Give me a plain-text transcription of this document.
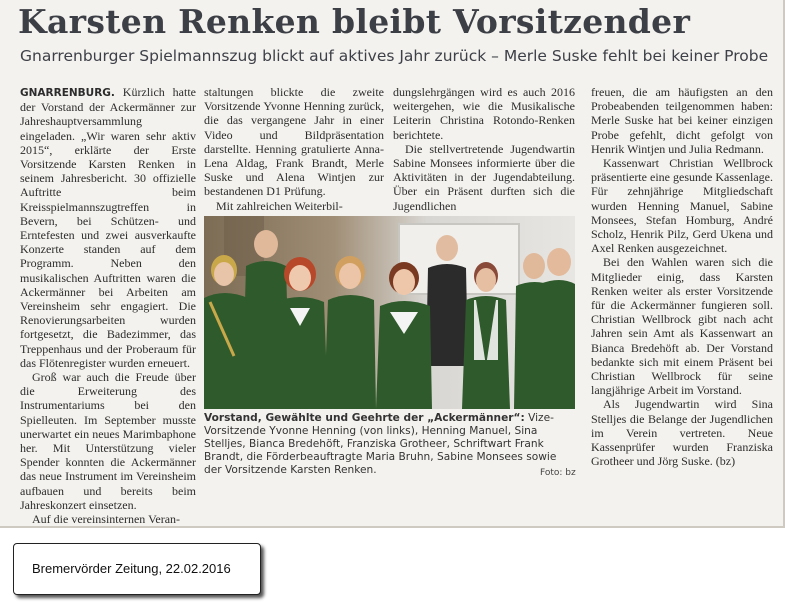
Karsten Renken bleibt Vorsitzender
Gnarrenburger Spielmannszug blickt auf aktives Jahr zurück – Merle Suske fehlt bei keiner Probe

GNARRENBURG. Kürzlich hatte der Vorstand der Ackermänner zur Jahreshauptversammlung eingeladen. „Wir waren sehr aktiv 2015“, erklärte der Erste Vorsitzende Karsten Renken in seinem Jahresbericht. 30 offizielle Auftritte beim Kreisspielmannszugtreffen in Bevern, bei Schützen- und Erntefesten und zwei ausverkaufte Konzerte standen auf dem Programm. Neben den musikalischen Auftritten waren die Ackermänner bei Arbeiten am Vereinsheim sehr engagiert. Die Renovierungsarbeiten wurden fortgesetzt, die Badezimmer, das Treppenhaus und der Proberaum für das Flötenregister wurden erneuert.

Groß war auch die Freude über die Erweiterung des Instrumentariums bei den Spielleuten. Im September musste unerwartet ein neues Marimbaphone her. Mit Unterstützung vieler Spender konnten die Ackermänner das neue Instrument im Vereinsheim aufbauen und bereits beim Jahreskonzert einsetzen.

Auf die vereinsinternen Veran-

staltungen blickte die zweite Vorsitzende Yvonne Henning zurück, die das vergangene Jahr in einer Video und Bildpräsentation darstellte. Henning gratulierte Anna-Lena Aldag, Frank Brandt, Merle Suske und Alena Wintjen zur bestandenen D1 Prüfung.

Mit zahlreichen Weiterbil-

dungslehrgängen wird es auch 2016 weitergehen, wie die Musikalische Leiterin Christina Rotondo-Renken berichtete.

Die stellvertretende Jugendwartin Sabine Monsees informierte über die Aktivitäten in der Jugendabteilung. Über ein Präsent durften sich die Jugendlichen

freuen, die am häufigsten an den Probeabenden teilgenommen haben: Merle Suske hat bei keiner einzigen Probe gefehlt, dicht gefolgt von Henrik Wintjen und Julia Redmann.

Kassenwart Christian Wellbrock präsentierte eine gesunde Kassenlage. Für zehnjährige Mitgliedschaft wurden Henning Manuel, Sabine Monsees, Stefan Homburg, André Scholz, Henrik Pilz, Gerd Ukena und Axel Renken ausgezeichnet.

Bei den Wahlen waren sich die Mitglieder einig, dass Karsten Renken weiter als erster Vorsitzende für die Ackermänner fungieren soll. Christian Wellbrock gibt nach acht Jahren sein Amt als Kassenwart an Bianca Bredehöft ab. Der Vorstand bedankte sich mit einem Präsent bei Christian Wellbrock für seine langjährige Arbeit im Vorstand.

Als Jugendwartin wird Sina Stelljes die Belange der Jugendlichen im Verein vertreten. Neue Kassenprüfer wurden Franziska Grotheer und Jörg Suske. (bz)

Vorstand, Gewählte und Geehrte der „Ackermänner“: Vize-Vorsitzende Yvonne Henning (von links), Henning Manuel, Sina Stelljes, Bianca Bredehöft, Franziska Grotheer, Schriftwart Frank Brandt, die Förderbeauftragte Maria Bruhn, Sabine Monsees sowie der Vorsitzende Karsten Renken.	Foto: bz
Bremervörder Zeitung, 22.02.2016
